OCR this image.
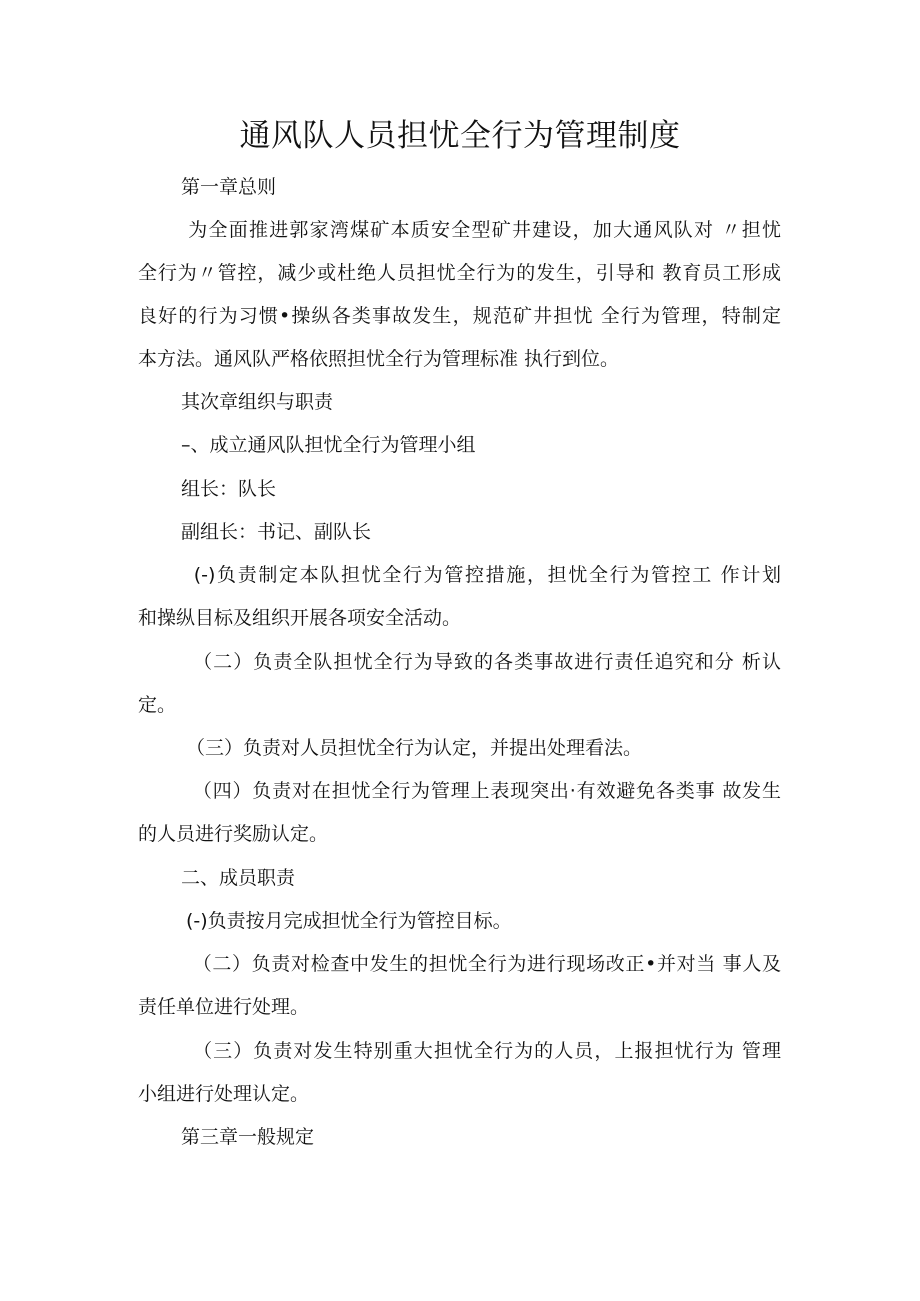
通风队人员担忧全行为管理制度

第一章总则

为全面推进郭家湾煤矿本质安全型矿井建设，加大通风队对 〃担忧

全行为〃管控，减少或杜绝人员担忧全行为的发生，引导和 教育员工形成

良好的行为习惯•操纵各类事故发生，规范矿井担忧 全行为管理，特制定

本方法。通风队严格依照担忧全行为管理标准 执行到位。

其次章组织与职责

–、成立通风队担忧全行为管理小组

组长：队长

副组长：书记、副队长

(-)负责制定本队担忧全行为管控措施，担忧全行为管控工 作计划

和操纵目标及组织开展各项安全活动。

（二）负责全队担忧全行为导致的各类事故进行责任追究和分 析认

定。

（三）负责对人员担忧全行为认定，并提出处理看法。

（四）负责对在担忧全行为管理上表现突出·有效避免各类事 故发生

的人员进行奖励认定。

二、成员职责

(-)负责按月完成担忧全行为管控目标。

（二）负责对检查中发生的担忧全行为进行现场改正•并对当 事人及

责任单位进行处理。

（三）负责对发生特别重大担忧全行为的人员，上报担忧行为 管理

小组进行处理认定。

第三章一般规定
